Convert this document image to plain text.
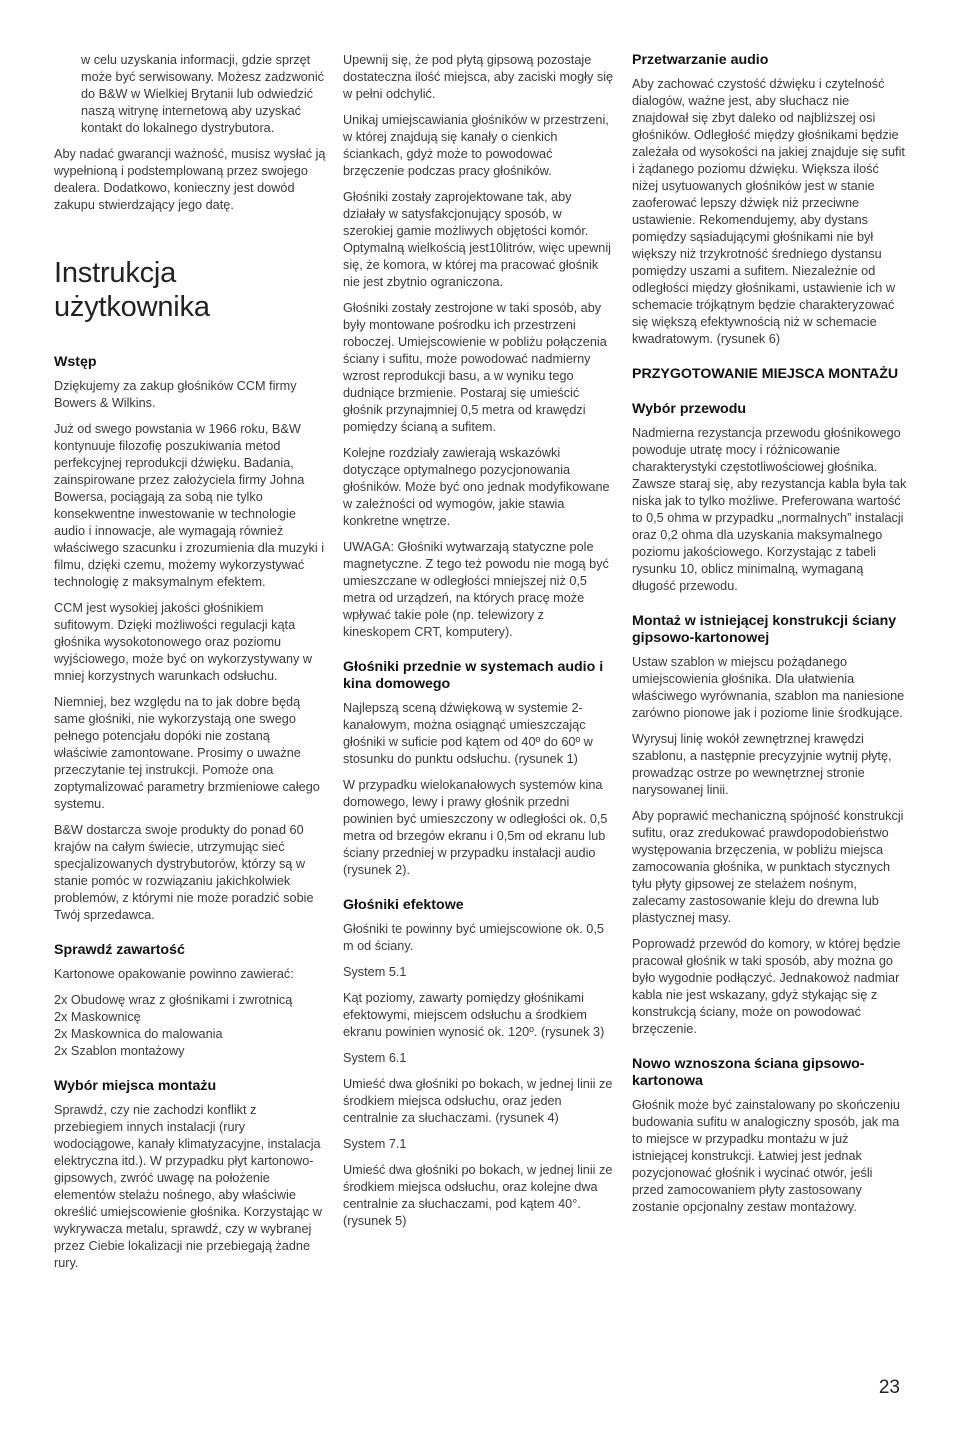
w celu uzyskania informacji, gdzie sprzęt może być serwisowany. Możesz zadzwonić do B&W w Wielkiej Brytanii lub odwiedzić naszą witrynę internetową aby uzyskać kontakt do lokalnego dystrybutora.

Aby nadać gwarancji ważność, musisz wysłać ją wypełnioną i podstemplowaną przez swojego dealera. Dodatkowo, konieczny jest dowód zakupu stwierdzający jego datę.

Instrukcja użytkownika
Wstęp

Dziękujemy za zakup głośników CCM firmy Bowers & Wilkins.

Już od swego powstania w 1966 roku, B&W kontynuuje filozofię poszukiwania metod perfekcyjnej reprodukcji dźwięku. Badania, zainspirowane przez założyciela firmy Johna Bowersa, pociągają za sobą nie tylko konsekwentne inwestowanie w technologie audio i innowacje, ale wymagają również właściwego szacunku i zrozumienia dla muzyki i filmu, dzięki czemu, możemy wykorzystywać technologię z maksymalnym efektem.

CCM jest wysokiej jakości głośnikiem sufitowym. Dzięki możliwości regulacji kąta głośnika wysokotonowego oraz poziomu wyjściowego, może być on wykorzystywany w mniej korzystnych warunkach odsłuchu.

Niemniej, bez względu na to jak dobre będą same głośniki, nie wykorzystają one swego pełnego potencjału dopóki nie zostaną właściwie zamontowane. Prosimy o uważne przeczytanie tej instrukcji. Pomoże ona zoptymalizować parametry brzmieniowe całego systemu.

B&W dostarcza swoje produkty do ponad 60 krajów na całym świecie, utrzymując sieć specjalizowanych dystrybutorów, którzy są w stanie pomóc w rozwiązaniu jakichkolwiek problemów, z którymi nie może poradzić sobie Twój sprzedawca.

Sprawdź zawartość

Kartonowe opakowanie powinno zawierać:

2x Obudowę wraz z głośnikami i zwrotnicą
2x Maskownicę
2x Maskownica do malowania
2x Szablon montażowy
Wybór miejsca montażu

Sprawdź, czy nie zachodzi konflikt z przebiegiem innych instalacji (rury wodociągowe, kanały klimatyzacyjne, instalacja elektryczna itd.). W przypadku płyt kartonowo-gipsowych, zwróć uwagę na położenie elementów stelażu nośnego, aby właściwie określić umiejscowienie głośnika. Korzystając w wykrywacza metalu, sprawdź, czy w wybranej przez Ciebie lokalizacji nie przebiegają żadne rury.

Upewnij się, że pod płytą gipsową pozostaje dostateczna ilość miejsca, aby zaciski mogły się w pełni odchylić.

Unikaj umiejscawiania głośników w przestrzeni, w której znajdują się kanały o cienkich ściankach, gdyż może to powodować brzęczenie podczas pracy głośników.

Głośniki zostały zaprojektowane tak, aby działały w satysfakcjonujący sposób, w szerokiej gamie możliwych objętości komór. Optymalną wielkością jest10litrów, więc upewnij się, że komora, w której ma pracować głośnik nie jest zbytnio ograniczona.

Głośniki zostały zestrojone w taki sposób, aby były montowane pośrodku ich przestrzeni roboczej. Umiejscowienie w pobliżu połączenia ściany i sufitu, może powodować nadmierny wzrost reprodukcji basu, a w wyniku tego dudniące brzmienie. Postaraj się umieścić głośnik przynajmniej 0,5 metra od krawędzi pomiędzy ścianą a sufitem.

Kolejne rozdziały zawierają wskazówki dotyczące optymalnego pozycjonowania głośników. Może być ono jednak modyfikowane w zależności od wymogów, jakie stawia konkretne wnętrze.

UWAGA: Głośniki wytwarzają statyczne pole magnetyczne. Z tego też powodu nie mogą być umieszczane w odległości mniejszej niż 0,5 metra od urządzeń, na których pracę może wpływać takie pole (np. telewizory z kineskopem CRT, komputery).

Głośniki przednie w systemach audio i kina domowego

Najlepszą sceną dźwiękową w systemie 2-kanałowym, można osiągnąć umieszczając głośniki w suficie pod kątem od 40º do 60º w stosunku do punktu odsłuchu. (rysunek 1)

W przypadku wielokanałowych systemów kina domowego, lewy i prawy głośnik przedni powinien być umieszczony w odległości ok. 0,5 metra od brzegów ekranu i 0,5m od ekranu lub ściany przedniej w przypadku instalacji audio (rysunek 2).

Głośniki efektowe

Głośniki te powinny być umiejscowione ok. 0,5 m od ściany.

System 5.1

Kąt poziomy, zawarty pomiędzy głośnikami efektowymi, miejscem odsłuchu a środkiem ekranu powinien wynosić ok. 120º. (rysunek 3)

System 6.1

Umieść dwa głośniki po bokach, w jednej linii ze środkiem miejsca odsłuchu, oraz jeden centralnie za słuchaczami. (rysunek 4)

System 7.1

Umieść dwa głośniki po bokach, w jednej linii ze środkiem miejsca odsłuchu, oraz kolejne dwa centralnie za słuchaczami, pod kątem 40°. (rysunek 5)

Przetwarzanie audio

Aby zachować czystość dźwięku i czytelność dialogów, ważne jest, aby słuchacz nie znajdował się zbyt daleko od najbliższej osi głośników. Odległość między głośnikami będzie zależała od wysokości na jakiej znajduje się sufit i żądanego poziomu dźwięku. Większa ilość niżej usytuowanych głośników jest w stanie zaoferować lepszy dźwięk niż przeciwne ustawienie. Rekomendujemy, aby dystans pomiędzy sąsiadującymi głośnikami nie był większy niż trzykrotność średniego dystansu pomiędzy uszami a sufitem. Niezależnie od odległości między głośnikami, ustawienie ich w schemacie trójkątnym będzie charakteryzować się większą efektywnością niż w schemacie kwadratowym. (rysunek 6)

PRZYGOTOWANIE MIEJSCA MONTAŻU
Wybór przewodu

Nadmierna rezystancja przewodu głośnikowego powoduje utratę mocy i różnicowanie charakterystyki częstotliwościowej głośnika. Zawsze staraj się, aby rezystancja kabla była tak niska jak to tylko możliwe. Preferowana wartość to 0,5 ohma w przypadku „normalnych” instalacji oraz 0,2 ohma dla uzyskania maksymalnego poziomu jakościowego. Korzystając z tabeli rysunku 10, oblicz minimalną, wymaganą długość przewodu.

Montaż w istniejącej konstrukcji ściany gipsowo-kartonowej

Ustaw szablon w miejscu pożądanego umiejscowienia głośnika. Dla ułatwienia właściwego wyrównania, szablon ma naniesione zarówno pionowe jak i poziome linie środkujące.

Wyrysuj linię wokół zewnętrznej krawędzi szablonu, a następnie precyzyjnie wytnij płytę, prowadząc ostrze po wewnętrznej stronie narysowanej linii.

Aby poprawić mechaniczną spójność konstrukcji sufitu, oraz zredukować prawdopodobieństwo występowania brzęczenia, w pobliżu miejsca zamocowania głośnika, w punktach stycznych tyłu płyty gipsowej ze stelażem nośnym, zalecamy zastosowanie kleju do drewna lub plastycznej masy.

Poprowadź przewód do komory, w której będzie pracował głośnik w taki sposób, aby można go było wygodnie podłączyć. Jednakowoż nadmiar kabla nie jest wskazany, gdyż stykając się z konstrukcją ściany, może on powodować brzęczenie.

Nowo wznoszona ściana gipsowo-kartonowa

Głośnik może być zainstalowany po skończeniu budowania sufitu w analogiczny sposób, jak ma to miejsce w przypadku montażu w już istniejącej konstrukcji. Łatwiej jest jednak pozycjonować głośnik i wycinać otwór, jeśli przed zamocowaniem płyty zastosowany zostanie opcjonalny zestaw montażowy.

23
